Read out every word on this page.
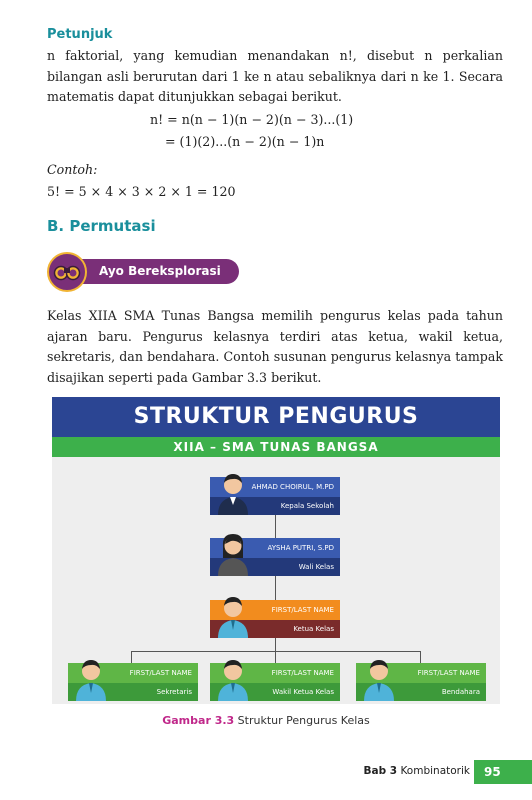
Petunjuk
n faktorial, yang kemudian menandakan n!, disebut n perkalian bilangan asli berurutan dari 1 ke n atau sebaliknya dari n ke 1. Secara matematis dapat ditunjukkan sebagai berikut.
n! = n(n − 1)(n − 2)(n − 3)...(1)
= (1)(2)...(n − 2)(n − 1)n
Contoh:
5! = 5 × 4 × 3 × 2 × 1 = 120
B. Permutasi
Ayo Bereksplorasi
Kelas XIIA SMA Tunas Bangsa memilih pengurus kelas pada tahun ajaran baru. Pengurus kelasnya terdiri atas ketua, wakil ketua, sekretaris, dan bendahara. Contoh susunan pengurus kelasnya tampak disajikan seperti pada Gambar 3.3 berikut.
STRUKTUR PENGURUS
XIIA – SMA TUNAS BANGSA
AHMAD CHOIRUL, M.PD
Kepala Sekolah
AYSHA PUTRI, S.PD
Wali Kelas
FIRST/LAST NAME
Ketua Kelas
FIRST/LAST NAME
Sekretaris
FIRST/LAST NAME
Wakil Ketua Kelas
FIRST/LAST NAME
Bendahara
Gambar 3.3 Struktur Pengurus Kelas
Bab 3 Kombinatorik	95
